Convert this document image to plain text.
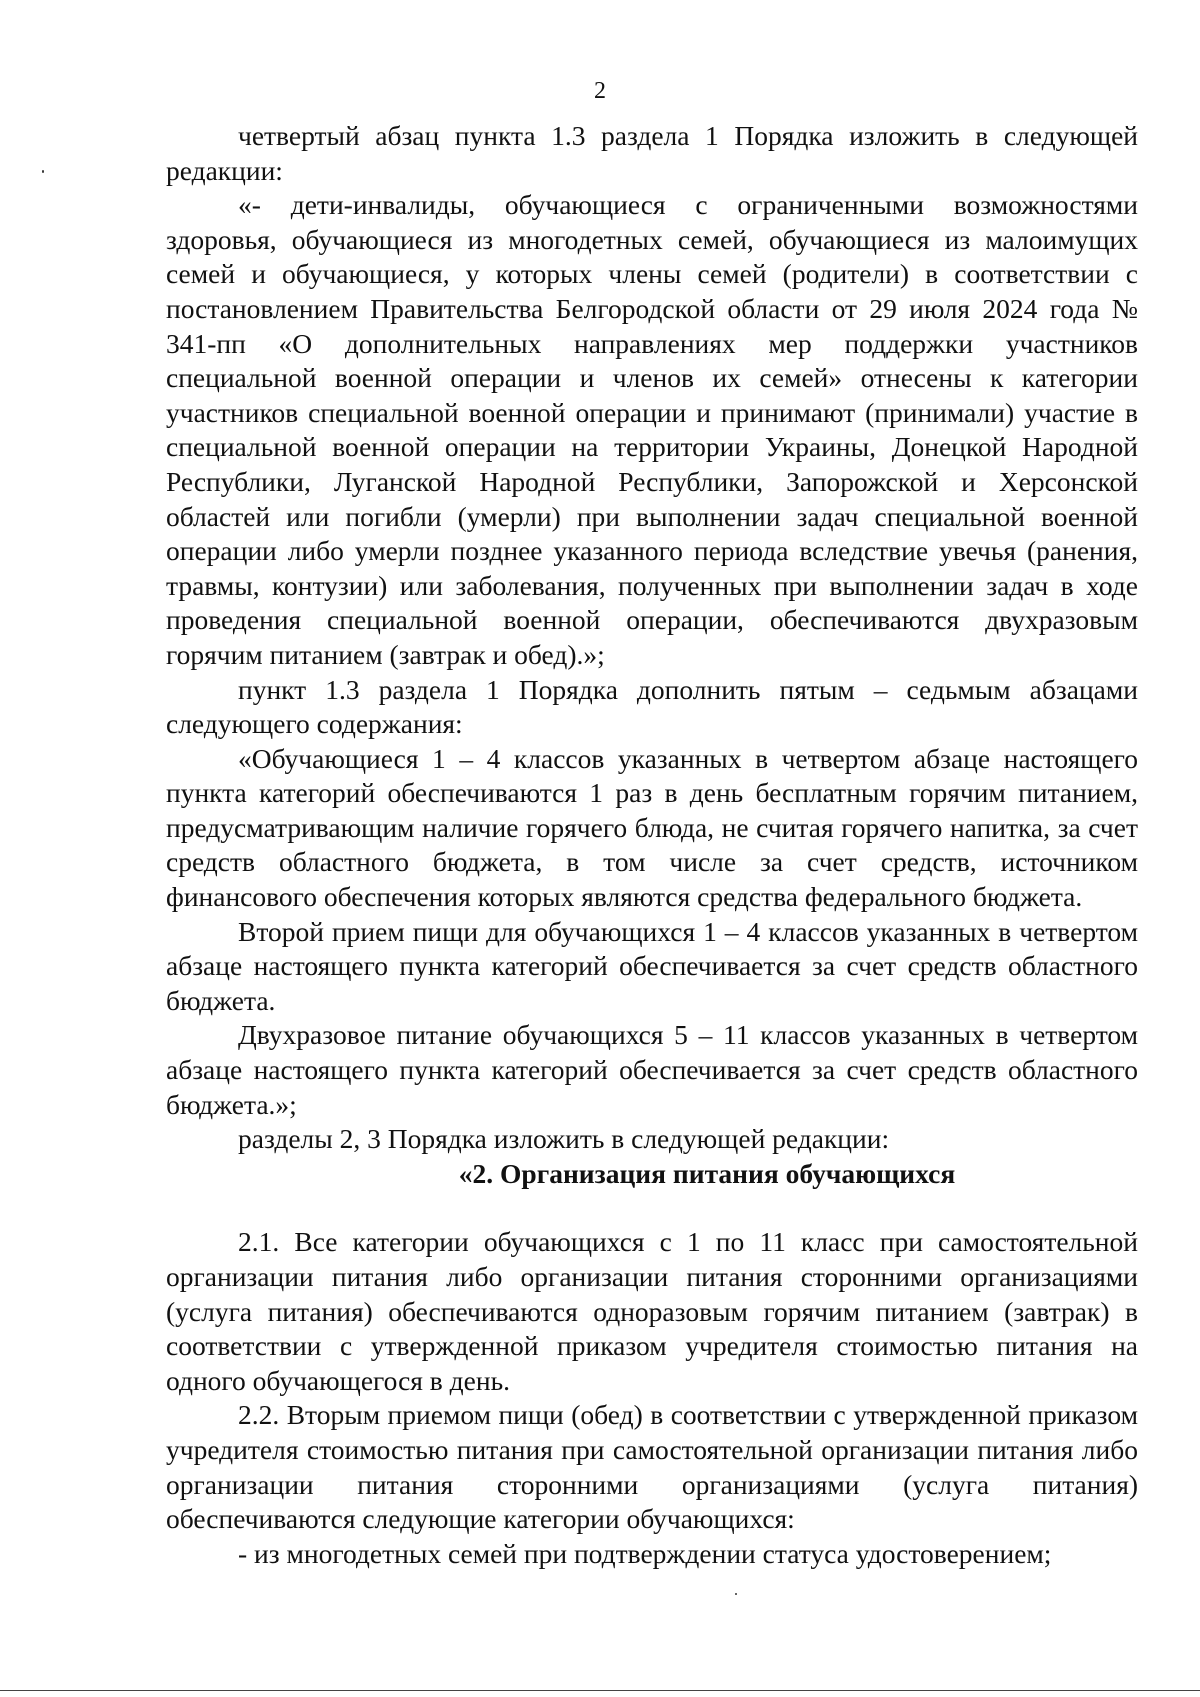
2

четвертый абзац пункта 1.3 раздела 1 Порядка изложить в следующей редакции:

«- дети-инвалиды, обучающиеся с ограниченными возможностями здоровья, обучающиеся из многодетных семей, обучающиеся из малоимущих семей и обучающиеся, у которых члены семей (родители) в соответствии с постановлением Правительства Белгородской области от 29 июля 2024 года № 341-пп «О дополнительных направлениях мер поддержки участников специальной военной операции и членов их семей» отнесены к категории участников специальной военной операции и принимают (принимали) участие в специальной военной операции на территории Украины, Донецкой Народной Республики, Луганской Народной Республики, Запорожской и Херсонской областей или погибли (умерли) при выполнении задач специальной военной операции либо умерли позднее указанного периода вследствие увечья (ранения, травмы, контузии) или заболевания, полученных при выполнении задач в ходе проведения специальной военной операции, обеспечиваются двухразовым горячим питанием (завтрак и обед).»;

пункт 1.3 раздела 1 Порядка дополнить пятым – седьмым абзацами следующего содержания:

«Обучающиеся 1 – 4 классов указанных в четвертом абзаце настоящего пункта категорий обеспечиваются 1 раз в день бесплатным горячим питанием, предусматривающим наличие горячего блюда, не считая горячего напитка, за счет средств областного бюджета, в том числе за счет средств, источником финансового обеспечения которых являются средства федерального бюджета.

Второй прием пищи для обучающихся 1 – 4 классов указанных в четвертом абзаце настоящего пункта категорий обеспечивается за счет средств областного бюджета.

Двухразовое питание обучающихся 5 – 11 классов указанных в четвертом абзаце настоящего пункта категорий обеспечивается за счет средств областного бюджета.»;

разделы 2, 3 Порядка изложить в следующей редакции:

«2. Организация питания обучающихся

2.1. Все категории обучающихся с 1 по 11 класс при самостоятельной организации питания либо организации питания сторонними организациями (услуга питания) обеспечиваются одноразовым горячим питанием (завтрак) в соответствии с утвержденной приказом учредителя стоимостью питания на одного обучающегося в день.

2.2. Вторым приемом пищи (обед) в соответствии с утвержденной приказом учредителя стоимостью питания при самостоятельной организации питания либо организации питания сторонними организациями (услуга питания) обеспечиваются следующие категории обучающихся:

- из многодетных семей при подтверждении статуса удостоверением;
